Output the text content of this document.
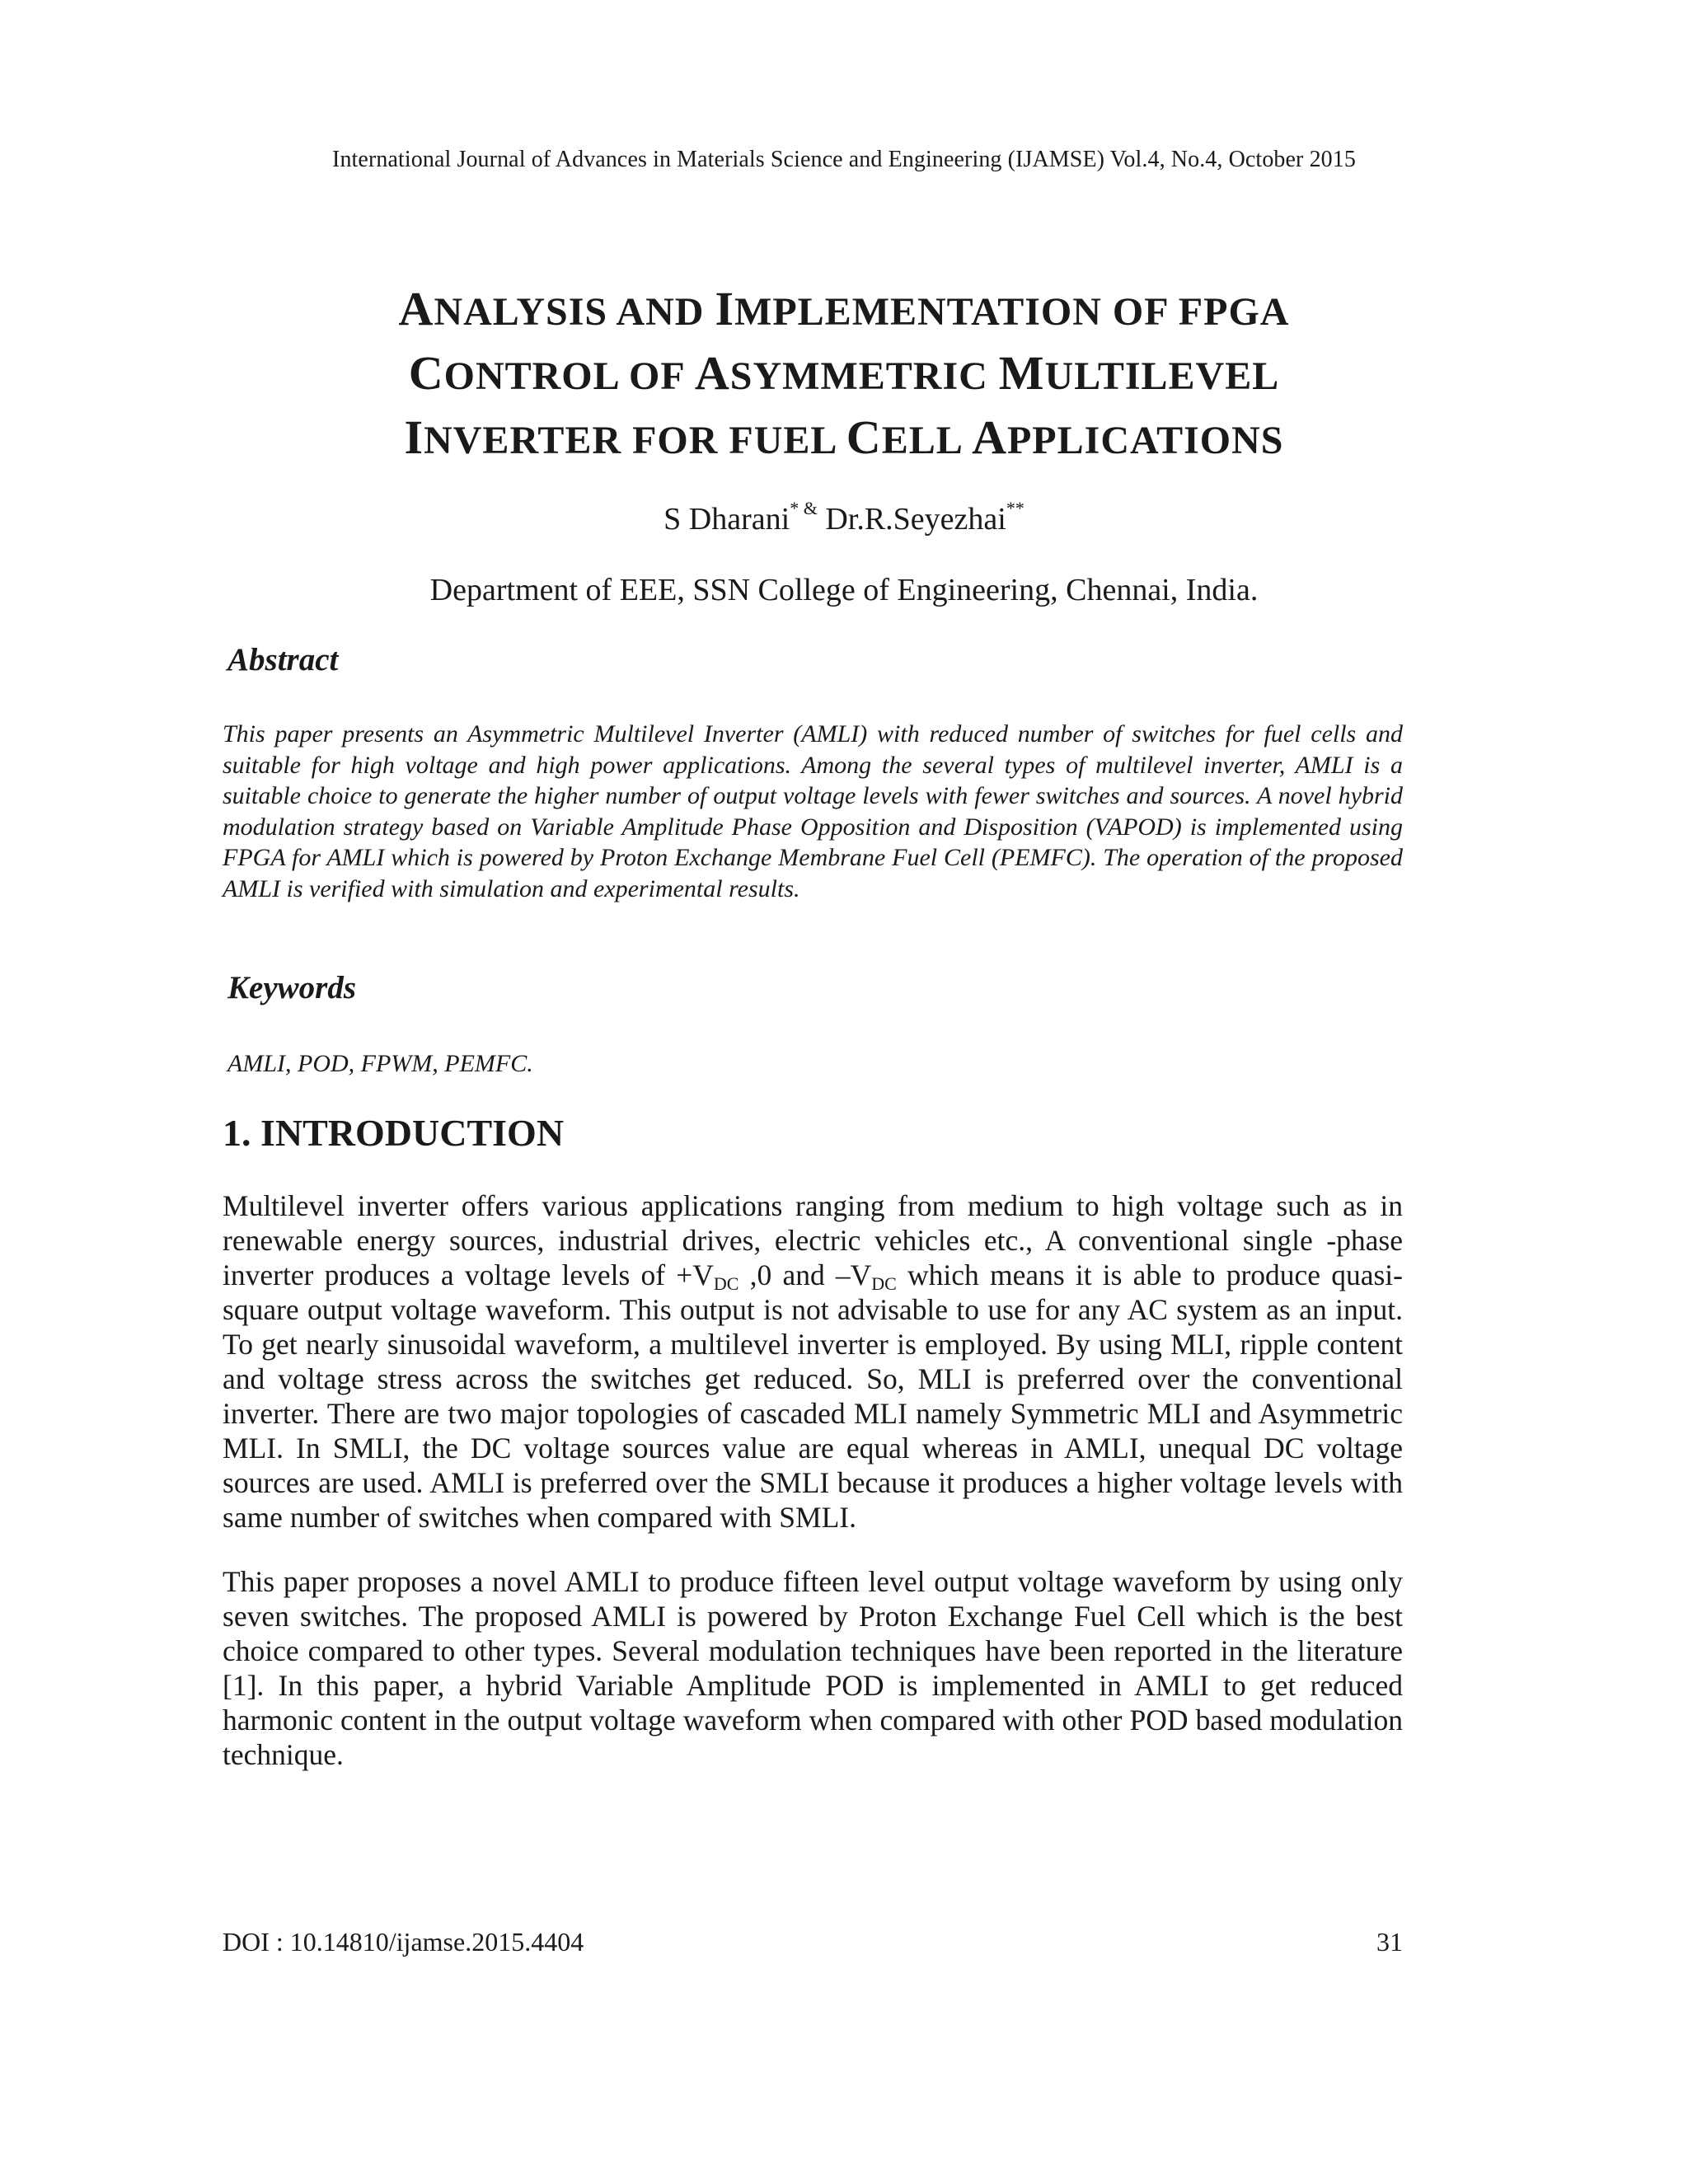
International Journal of Advances in Materials Science and Engineering (IJAMSE) Vol.4, No.4, October 2015
ANALYSIS AND IMPLEMENTATION OF FPGA
CONTROL OF ASYMMETRIC MULTILEVEL
INVERTER FOR FUEL CELL APPLICATIONS
S Dharani* & Dr.R.Seyezhai**
Department of EEE, SSN College of Engineering, Chennai, India.
Abstract
This paper presents an Asymmetric Multilevel Inverter (AMLI) with reduced number of switches for fuel cells and suitable for high voltage and high power applications. Among the several types of multilevel inverter, AMLI is a suitable choice to generate the higher number of output voltage levels with fewer switches and sources. A novel hybrid modulation strategy based on Variable Amplitude Phase Opposition and Disposition (VAPOD) is implemented using FPGA for AMLI which is powered by Proton Exchange Membrane Fuel Cell (PEMFC). The operation of the proposed AMLI is verified with simulation and experimental results.
Keywords
AMLI, POD, FPWM, PEMFC.
1. INTRODUCTION
Multilevel inverter offers various applications ranging from medium to high voltage such as in renewable energy sources, industrial drives, electric vehicles etc., A conventional single -phase inverter produces a voltage levels of $+V_{DC}$ ,0 and $-V_{DC}$ which means it is able to produce quasi-square output voltage waveform. This output is not advisable to use for any AC system as an input. To get nearly sinusoidal waveform, a multilevel inverter is employed. By using MLI, ripple content and voltage stress across the switches get reduced. So, MLI is preferred over the conventional inverter. There are two major topologies of cascaded MLI namely Symmetric MLI and Asymmetric MLI. In SMLI, the DC voltage sources value are equal whereas in AMLI, unequal DC voltage sources are used. AMLI is preferred over the SMLI because it produces a higher voltage levels with same number of switches when compared with SMLI.
This paper proposes a novel AMLI to produce fifteen level output voltage waveform by using only seven switches. The proposed AMLI is powered by Proton Exchange Fuel Cell which is the best choice compared to other types. Several modulation techniques have been reported in the literature [1]. In this paper, a hybrid Variable Amplitude POD is implemented in AMLI to get reduced harmonic content in the output voltage waveform when compared with other POD based modulation technique.
DOI : 10.14810/ijamse.2015.4404	31
